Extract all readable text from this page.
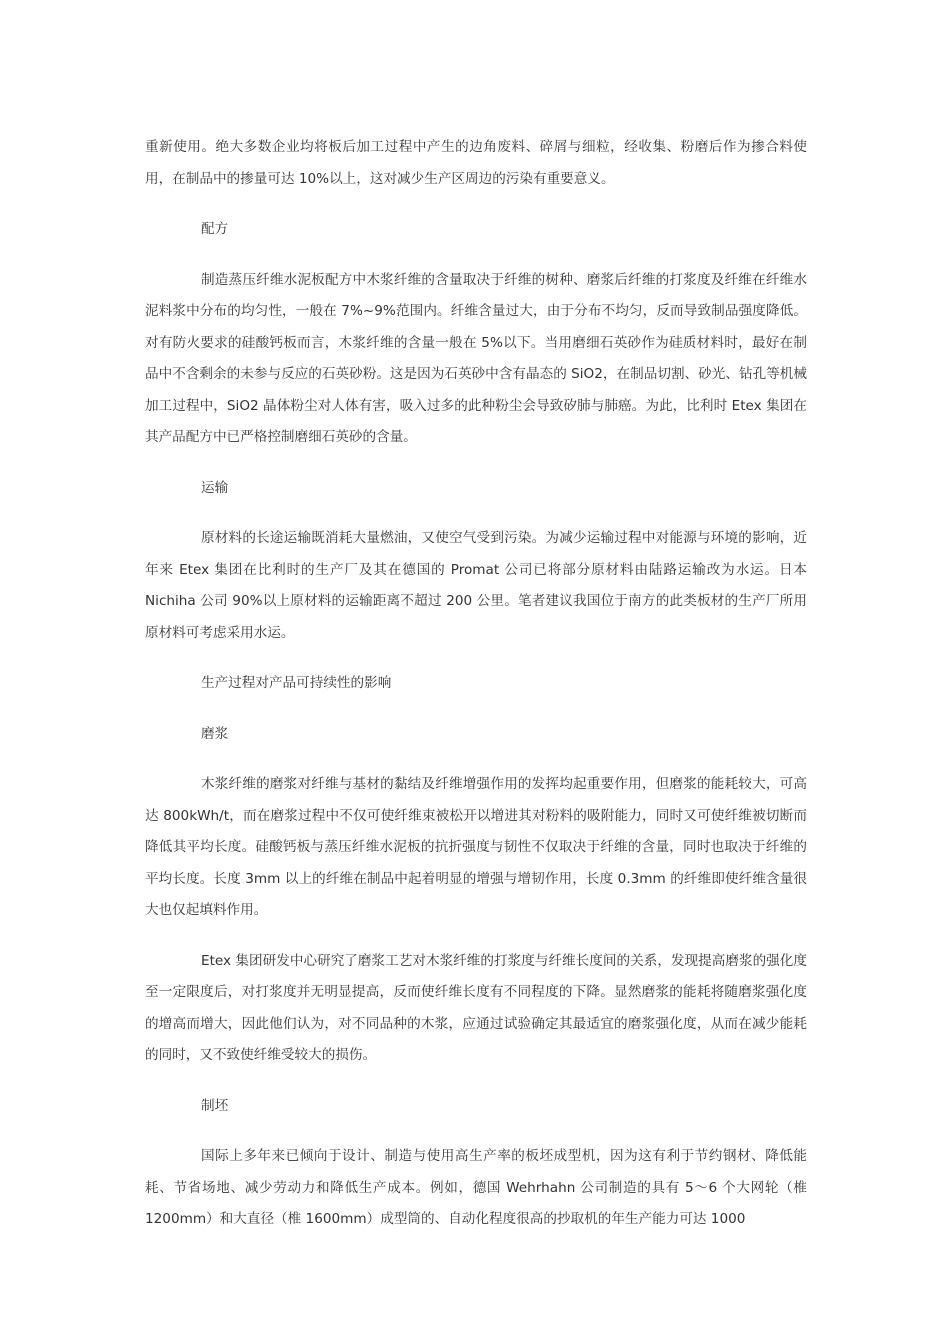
重新使用。绝大多数企业均将板后加工过程中产生的边角废料、碎屑与细粒，经收集、粉磨后作为掺合料使用，在制品中的掺量可达 10%以上，这对减少生产区周边的污染有重要意义。

配方

制造蒸压纤维水泥板配方中木浆纤维的含量取决于纤维的树种、磨浆后纤维的打浆度及纤维在纤维水泥料浆中分布的均匀性，一般在 7%~9%范围内。纤维含量过大，由于分布不均匀，反而导致制品强度降低。对有防火要求的硅酸钙板而言，木浆纤维的含量一般在 5%以下。当用磨细石英砂作为硅质材料时，最好在制品中不含剩余的未参与反应的石英砂粉。这是因为石英砂中含有晶态的 SiO2，在制品切割、砂光、钻孔等机械加工过程中，SiO2 晶体粉尘对人体有害，吸入过多的此种粉尘会导致矽肺与肺癌。为此，比利时 Etex 集团在其产品配方中已严格控制磨细石英砂的含量。

运输

原材料的长途运输既消耗大量燃油，又使空气受到污染。为减少运输过程中对能源与环境的影响，近年来 Etex 集团在比利时的生产厂及其在德国的 Promat 公司已将部分原材料由陆路运输改为水运。日本 Nichiha 公司 90%以上原材料的运输距离不超过 200 公里。笔者建议我国位于南方的此类板材的生产厂所用原材料可考虑采用水运。

生产过程对产品可持续性的影响

磨浆

木浆纤维的磨浆对纤维与基材的黏结及纤维增强作用的发挥均起重要作用，但磨浆的能耗较大，可高达 800kWh/t，而在磨浆过程中不仅可使纤维束被松开以增进其对粉料的吸附能力，同时又可使纤维被切断而降低其平均长度。硅酸钙板与蒸压纤维水泥板的抗折强度与韧性不仅取决于纤维的含量，同时也取决于纤维的平均长度。长度 3mm 以上的纤维在制品中起着明显的增强与增韧作用，长度 0.3mm 的纤维即使纤维含量很大也仅起填料作用。

Etex 集团研发中心研究了磨浆工艺对木浆纤维的打浆度与纤维长度间的关系，发现提高磨浆的强化度至一定限度后，对打浆度并无明显提高，反而使纤维长度有不同程度的下降。显然磨浆的能耗将随磨浆强化度的增高而增大，因此他们认为，对不同品种的木浆，应通过试验确定其最适宜的磨浆强化度，从而在减少能耗的同时，又不致使纤维受较大的损伤。

制坯

国际上多年来已倾向于设计、制造与使用高生产率的板坯成型机，因为这有利于节约钢材、降低能耗、节省场地、减少劳动力和降低生产成本。例如，德国 Wehrhahn 公司制造的具有 5～6 个大网轮（椎 1200mm）和大直径（椎 1600mm）成型筒的、自动化程度很高的抄取机的年生产能力可达 1000
